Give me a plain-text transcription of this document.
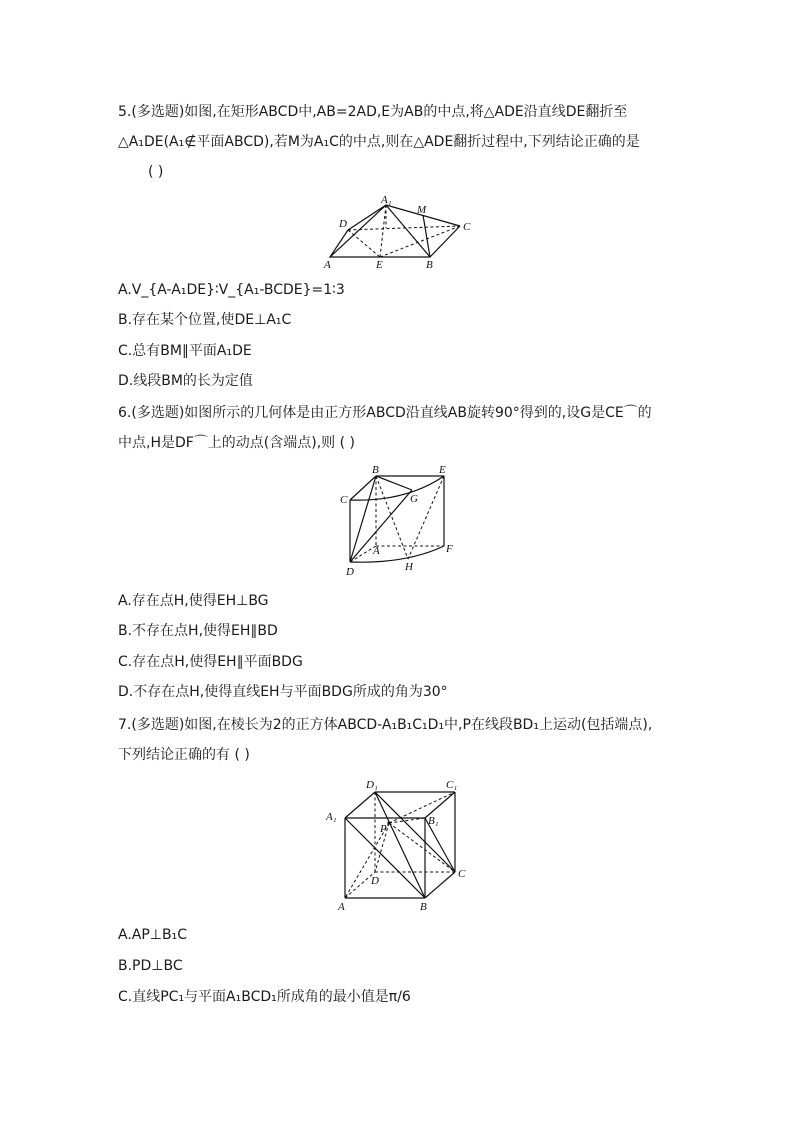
5.(多选题)如图,在矩形ABCD中,AB=2AD,E为AB的中点,将△ADE沿直线DE翻折至
△A₁DE(A₁∉平面ABCD),若M为A₁C的中点,则在△ADE翻折过程中,下列结论正确的是
( )
A₁
M
D	C
A	E	B
A.V_{A-A₁DE}∶V_{A₁-BCDE}=1∶3
B.存在某个位置,使DE⊥A₁C
C.总有BM∥平面A₁DE
D.线段BM的长为定值
6.(多选题)如图所示的几何体是由正方形ABCD沿直线AB旋转90°得到的,设G是CE⌒的
中点,H是DF⌒上的动点(含端点),则 ( )
B	E
C	G
A	F
D	H
A.存在点H,使得EH⊥BG
B.不存在点H,使得EH∥BD
C.存在点H,使得EH∥平面BDG
D.不存在点H,使得直线EH与平面BDG所成的角为30°
7.(多选题)如图,在棱长为2的正方体ABCD-A₁B₁C₁D₁中,P在线段BD₁上运动(包括端点),
下列结论正确的有 ( )
D₁	C₁
A₁
P
B₁
D
C
A	B
A.AP⊥B₁C
B.PD⊥BC
C.直线PC₁与平面A₁BCD₁所成角的最小值是π/6
